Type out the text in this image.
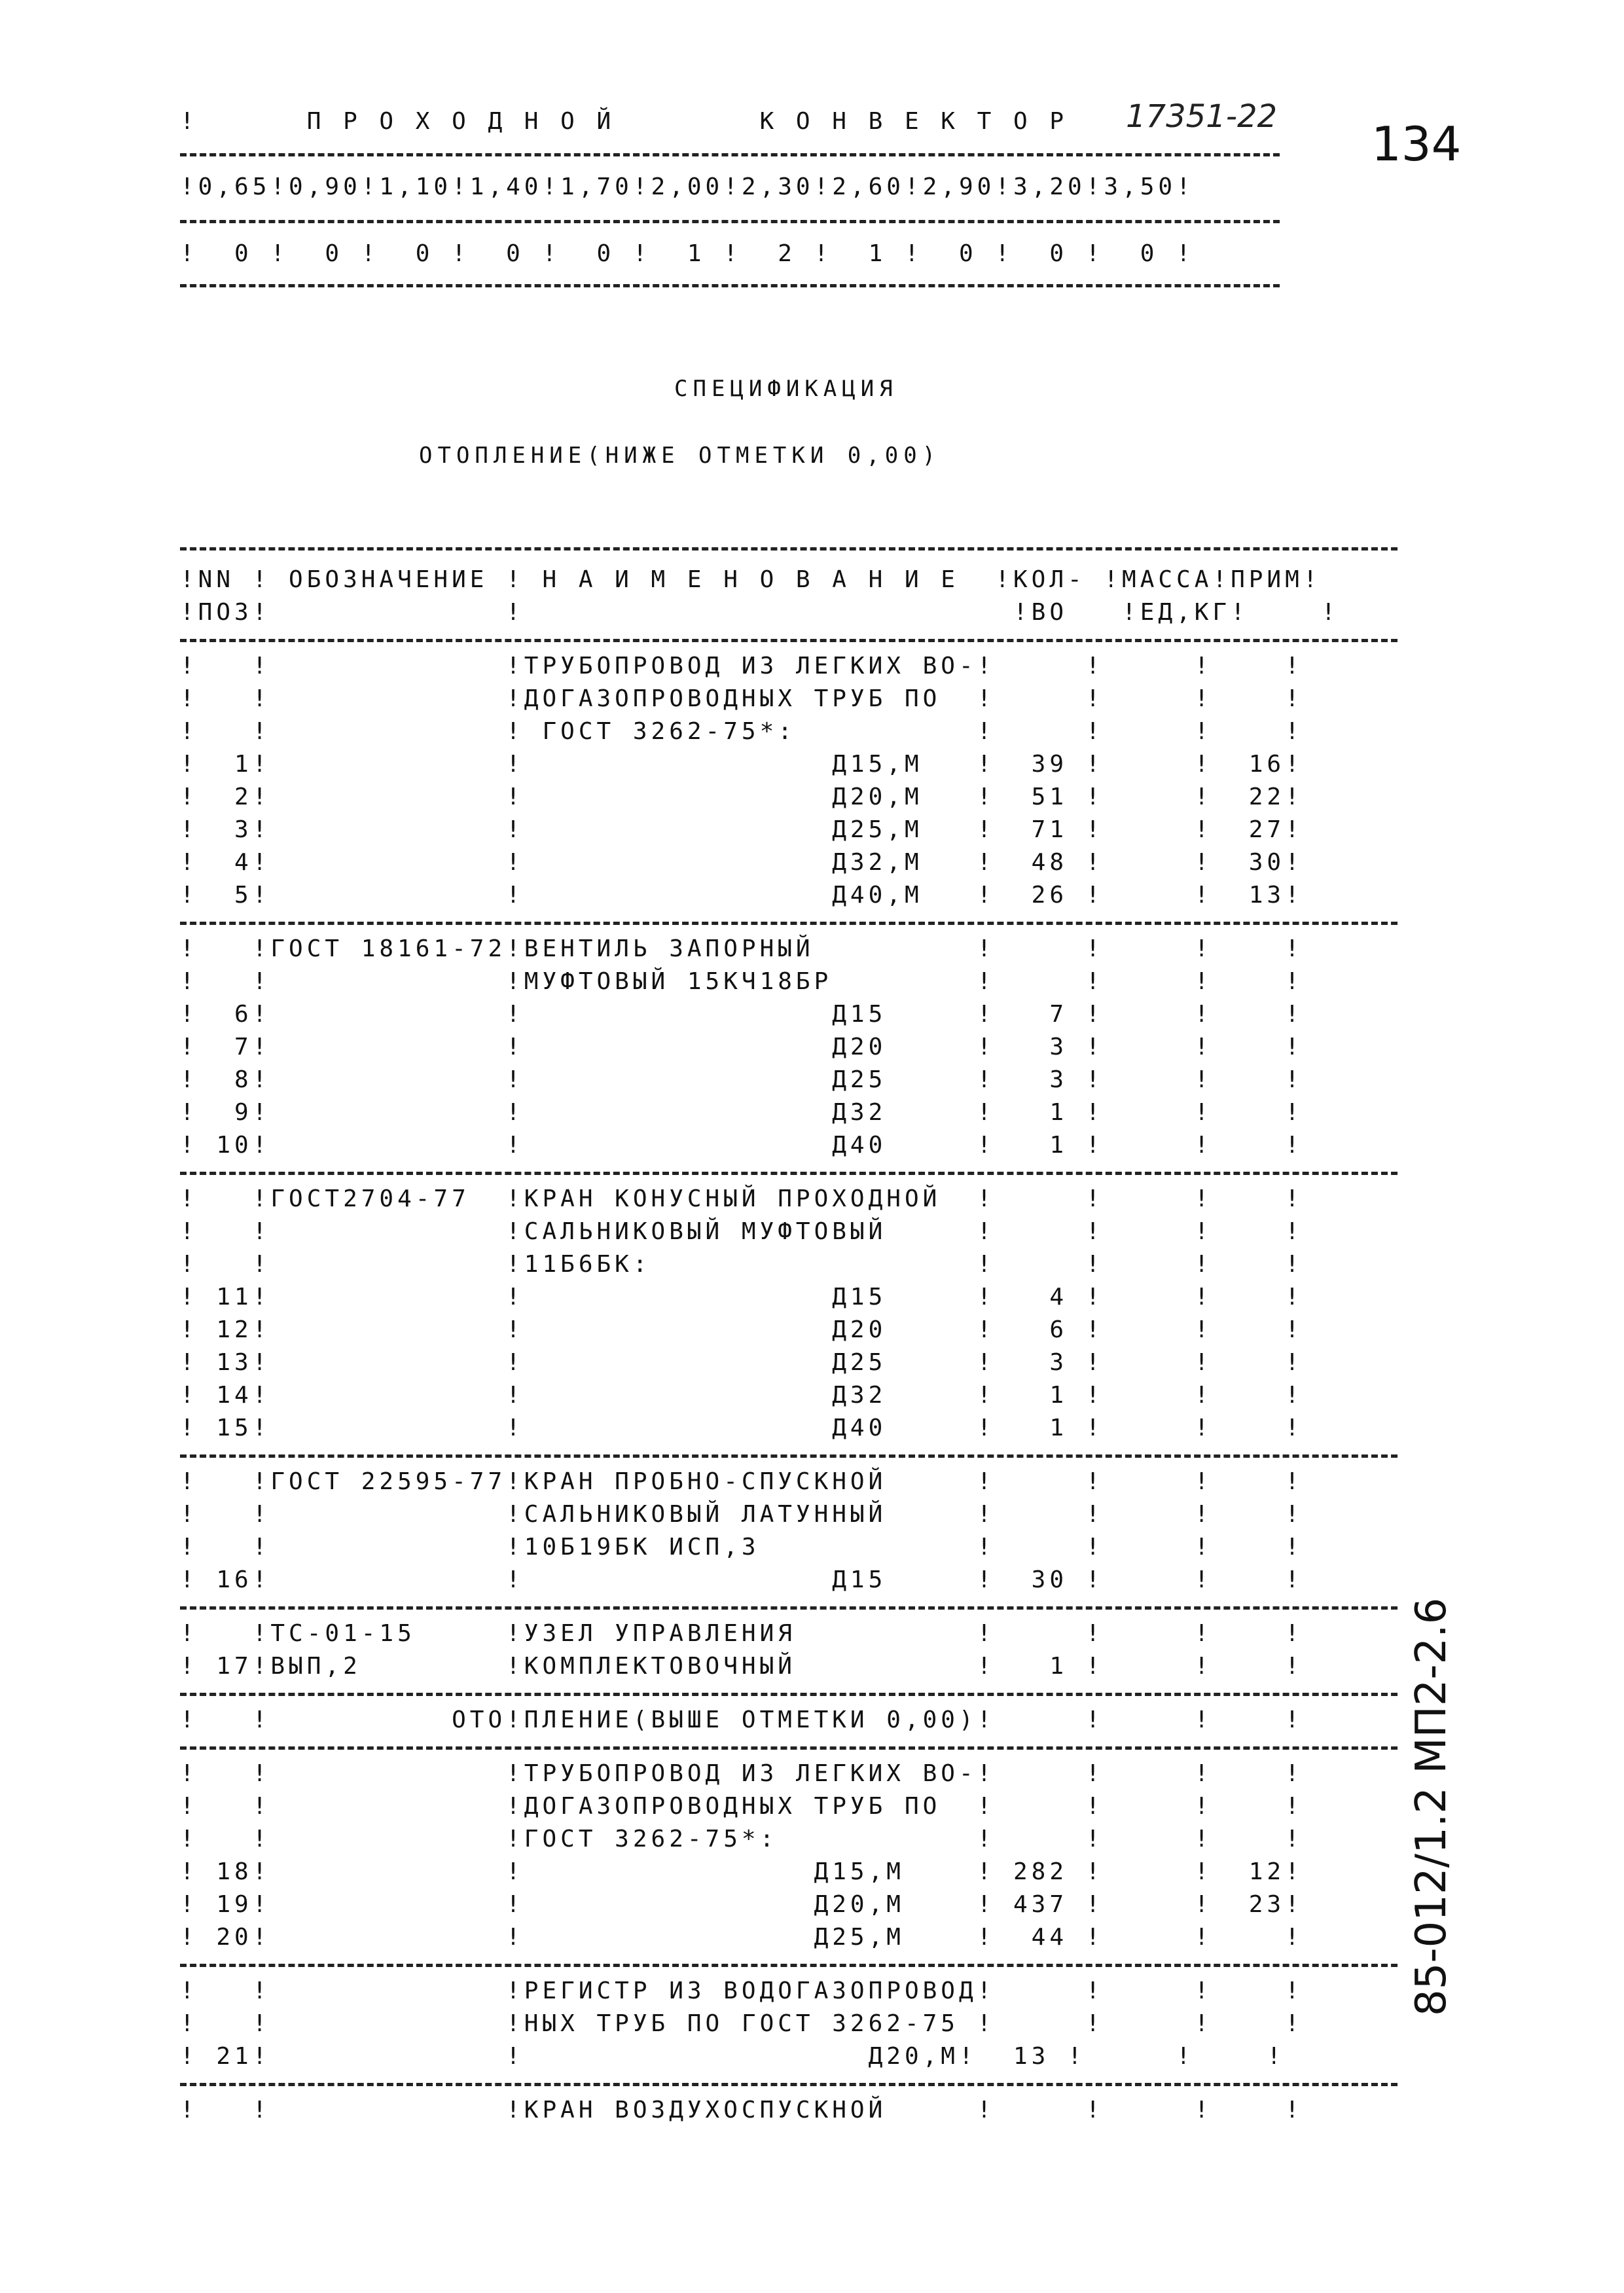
!      П Р О Х О Д Н О Й        К О Н В Е К Т О Р 17351-22 134
!0,65!0,90!1,10!1,40!1,70!2,00!2,30!2,60!2,90!3,20!3,50!
!  0 !  0 !  0 !  0 !  0 !  1 !  2 !  1 !  0 !  0 !  0 !
СПЕЦИФИКАЦИЯ
ОТОПЛЕНИЕ(НИЖЕ ОТМЕТКИ 0,00)
!NN ! ОБОЗНАЧЕНИЕ ! Н А И М Е Н О В А Н И Е  !КОЛ- !МАССА!ПРИМ!
!ПОЗ!             !                           !ВО   !ЕД,КГ!    !
!   !             !ТРУБОПРОВОД ИЗ ЛЕГКИХ ВО-!     !     !    !
!   !             !ДОГАЗОПРОВОДНЫХ ТРУБ ПО  !     !     !    !
!   !             ! ГОСТ 3262-75*:          !     !     !    !
!  1!             !                 Д15,М   !  39 !     !  16!
!  2!             !                 Д20,М   !  51 !     !  22!
!  3!             !                 Д25,М   !  71 !     !  27!
!  4!             !                 Д32,М   !  48 !     !  30!
!  5!             !                 Д40,М   !  26 !     !  13!
!   !ГОСТ 18161-72!ВЕНТИЛЬ ЗАПОРНЫЙ         !     !     !    !
!   !             !МУФТОВЫЙ 15КЧ18БР        !     !     !    !
!  6!             !                 Д15     !   7 !     !    !
!  7!             !                 Д20     !   3 !     !    !
!  8!             !                 Д25     !   3 !     !    !
!  9!             !                 Д32     !   1 !     !    !
! 10!             !                 Д40     !   1 !     !    !
!   !ГОСТ2704-77  !КРАН КОНУСНЫЙ ПРОХОДНОЙ  !     !     !    !
!   !             !САЛЬНИКОВЫЙ МУФТОВЫЙ     !     !     !    !
!   !             !11Б6БК:                  !     !     !    !
! 11!             !                 Д15     !   4 !     !    !
! 12!             !                 Д20     !   6 !     !    !
! 13!             !                 Д25     !   3 !     !    !
! 14!             !                 Д32     !   1 !     !    !
! 15!             !                 Д40     !   1 !     !    !
!   !ГОСТ 22595-77!КРАН ПРОБНО-СПУСКНОЙ     !     !     !    !
!   !             !САЛЬНИКОВЫЙ ЛАТУННЫЙ     !     !     !    !
!   !             !10Б19БК ИСП,3            !     !     !    !
! 16!             !                 Д15     !  30 !     !    !
!   !ТС-01-15     !УЗЕЛ УПРАВЛЕНИЯ          !     !     !    !
! 17!ВЫП,2        !КОМПЛЕКТОВОЧНЫЙ          !   1 !     !    !
!   !          ОТО!ПЛЕНИЕ(ВЫШЕ ОТМЕТКИ 0,00)!     !     !    !
!   !             !ТРУБОПРОВОД ИЗ ЛЕГКИХ ВО-!     !     !    !
!   !             !ДОГАЗОПРОВОДНЫХ ТРУБ ПО  !     !     !    !
!   !             !ГОСТ 3262-75*:           !     !     !    !
! 18!             !                Д15,М    ! 282 !     !  12!
! 19!             !                Д20,М    ! 437 !     !  23!
! 20!             !                Д25,М    !  44 !     !    !
!   !             !РЕГИСТР ИЗ ВОДОГАЗОПРОВОД!     !     !    !
!   !             !НЫХ ТРУБ ПО ГОСТ 3262-75 !     !     !    !
! 21!             !                   Д20,М!  13 !     !    !
!   !             !КРАН ВОЗДУХОСПУСКНОЙ     !     !     !    !
85-012/1.2 МП2-2.6
